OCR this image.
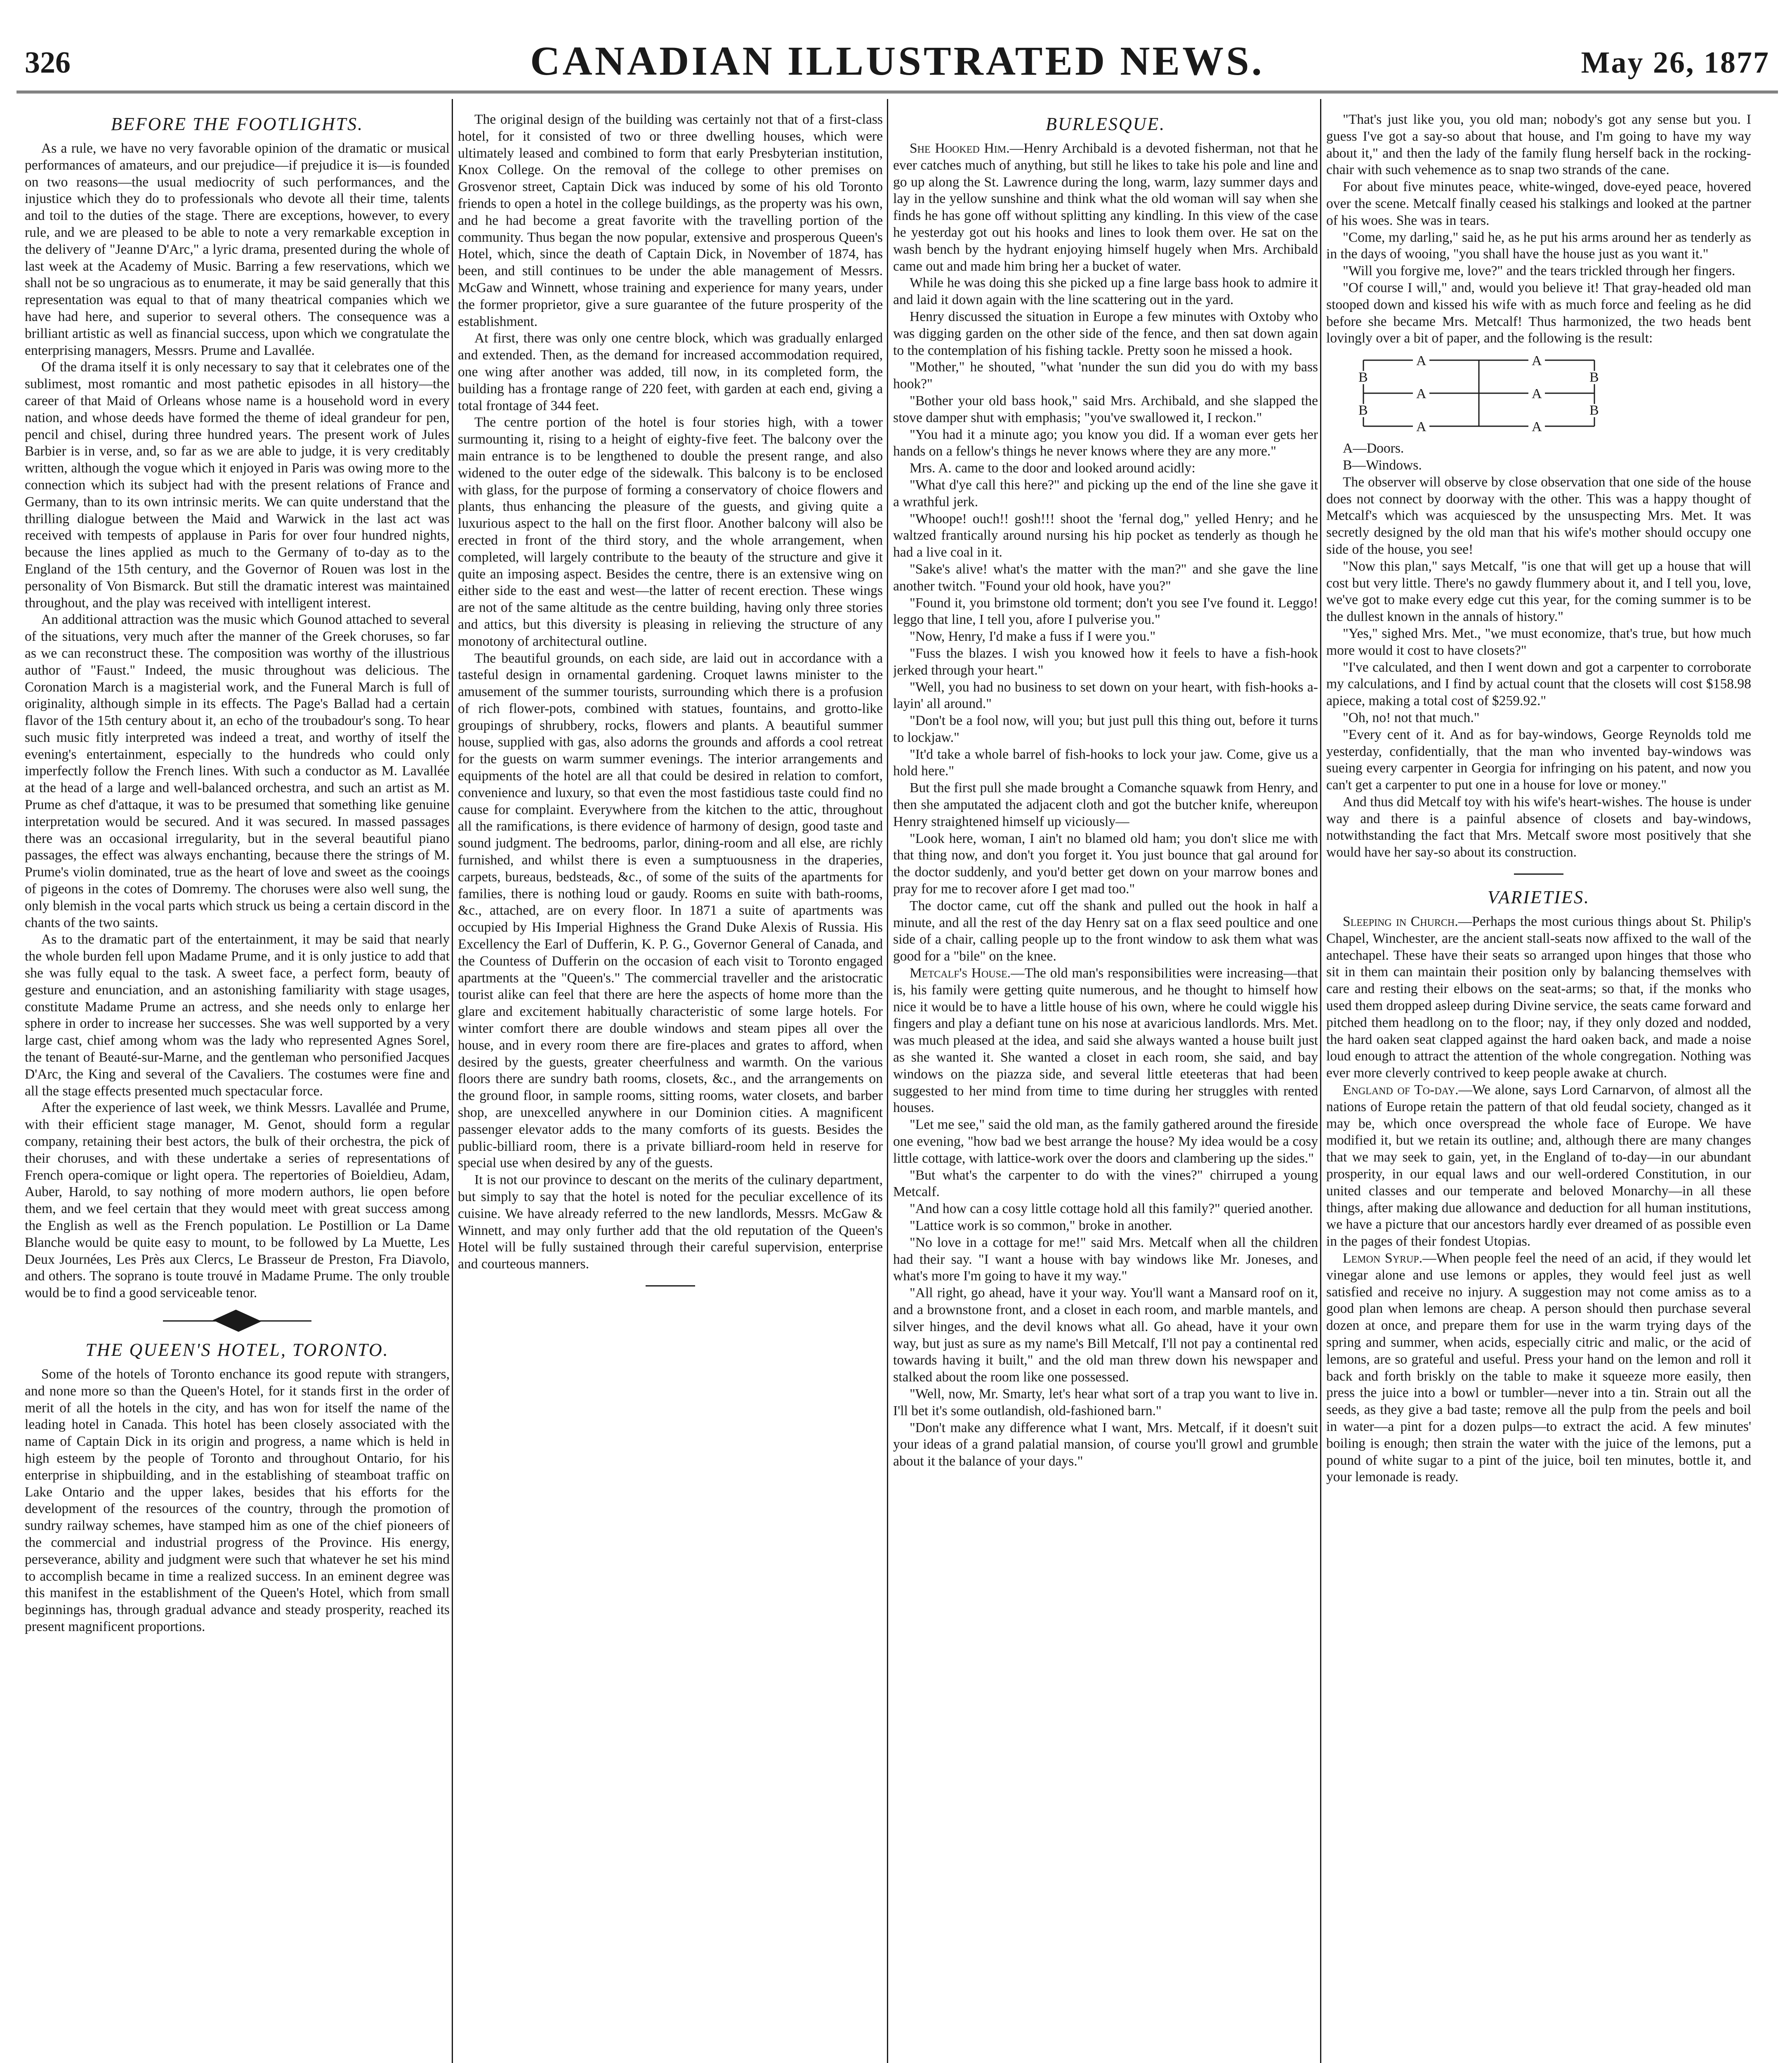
326	CANADIAN ILLUSTRATED NEWS.	May 26, 1877
BEFORE THE FOOTLIGHTS.

As a rule, we have no very favorable opinion of the dramatic or musical performances of amateurs, and our prejudice—if prejudice it is—is founded on two reasons—the usual mediocrity of such performances, and the injustice which they do to professionals who devote all their time, talents and toil to the duties of the stage. There are exceptions, however, to every rule, and we are pleased to be able to note a very remarkable exception in the delivery of "Jeanne D'Arc," a lyric drama, presented during the whole of last week at the Academy of Music. Barring a few reservations, which we shall not be so ungracious as to enumerate, it may be said generally that this representation was equal to that of many theatrical companies which we have had here, and superior to several others. The consequence was a brilliant artistic as well as financial success, upon which we congratulate the enterprising managers, Messrs. Prume and Lavallée.

Of the drama itself it is only necessary to say that it celebrates one of the sublimest, most romantic and most pathetic episodes in all history—the career of that Maid of Orleans whose name is a household word in every nation, and whose deeds have formed the theme of ideal grandeur for pen, pencil and chisel, during three hundred years. The present work of Jules Barbier is in verse, and, so far as we are able to judge, it is very creditably written, although the vogue which it enjoyed in Paris was owing more to the connection which its subject had with the present relations of France and Germany, than to its own intrinsic merits. We can quite understand that the thrilling dialogue between the Maid and Warwick in the last act was received with tempests of applause in Paris for over four hundred nights, because the lines applied as much to the Germany of to-day as to the England of the 15th century, and the Governor of Rouen was lost in the personality of Von Bismarck. But still the dramatic interest was maintained throughout, and the play was received with intelligent interest.

An additional attraction was the music which Gounod attached to several of the situations, very much after the manner of the Greek choruses, so far as we can reconstruct these. The composition was worthy of the illustrious author of "Faust." Indeed, the music throughout was delicious. The Coronation March is a magisterial work, and the Funeral March is full of originality, although simple in its effects. The Page's Ballad had a certain flavor of the 15th century about it, an echo of the troubadour's song. To hear such music fitly interpreted was indeed a treat, and worthy of itself the evening's entertainment, especially to the hundreds who could only imperfectly follow the French lines. With such a conductor as M. Lavallée at the head of a large and well-balanced orchestra, and such an artist as M. Prume as chef d'attaque, it was to be presumed that something like genuine interpretation would be secured. And it was secured. In massed passages there was an occasional irregularity, but in the several beautiful piano passages, the effect was always enchanting, because there the strings of M. Prume's violin dominated, true as the heart of love and sweet as the cooings of pigeons in the cotes of Domremy. The choruses were also well sung, the only blemish in the vocal parts which struck us being a certain discord in the chants of the two saints.

As to the dramatic part of the entertainment, it may be said that nearly the whole burden fell upon Madame Prume, and it is only justice to add that she was fully equal to the task. A sweet face, a perfect form, beauty of gesture and enunciation, and an astonishing familiarity with stage usages, constitute Madame Prume an actress, and she needs only to enlarge her sphere in order to increase her successes. She was well supported by a very large cast, chief among whom was the lady who represented Agnes Sorel, the tenant of Beauté-sur-Marne, and the gentleman who personified Jacques D'Arc, the King and several of the Cavaliers. The costumes were fine and all the stage effects presented much spectacular force.

After the experience of last week, we think Messrs. Lavallée and Prume, with their efficient stage manager, M. Genot, should form a regular company, retaining their best actors, the bulk of their orchestra, the pick of their choruses, and with these undertake a series of representations of French opera-comique or light opera. The repertories of Boieldieu, Adam, Auber, Harold, to say nothing of more modern authors, lie open before them, and we feel certain that they would meet with great success among the English as well as the French population. Le Postillion or La Dame Blanche would be quite easy to mount, to be followed by La Muette, Les Deux Journées, Les Près aux Clercs, Le Brasseur de Preston, Fra Diavolo, and others. The soprano is toute trouvé in Madame Prume. The only trouble would be to find a good serviceable tenor.

THE QUEEN'S HOTEL, TORONTO.

Some of the hotels of Toronto enchance its good repute with strangers, and none more so than the Queen's Hotel, for it stands first in the order of merit of all the hotels in the city, and has won for itself the name of the leading hotel in Canada. This hotel has been closely associated with the name of Captain Dick in its origin and progress, a name which is held in high esteem by the people of Toronto and throughout Ontario, for his enterprise in shipbuilding, and in the establishing of steamboat traffic on Lake Ontario and the upper lakes, besides that his efforts for the development of the resources of the country, through the promotion of sundry railway schemes, have stamped him as one of the chief pioneers of the commercial and industrial progress of the Province. His energy, perseverance, ability and judgment were such that whatever he set his mind to accomplish became in time a realized success. In an eminent degree was this manifest in the establishment of the Queen's Hotel, which from small beginnings has, through gradual advance and steady prosperity, reached its present magnificent proportions.

The original design of the building was certainly not that of a first-class hotel, for it consisted of two or three dwelling houses, which were ultimately leased and combined to form that early Presbyterian institution, Knox College. On the removal of the college to other premises on Grosvenor street, Captain Dick was induced by some of his old Toronto friends to open a hotel in the college buildings, as the property was his own, and he had become a great favorite with the travelling portion of the community. Thus began the now popular, extensive and prosperous Queen's Hotel, which, since the death of Captain Dick, in November of 1874, has been, and still continues to be under the able management of Messrs. McGaw and Winnett, whose training and experience for many years, under the former proprietor, give a sure guarantee of the future prosperity of the establishment.

At first, there was only one centre block, which was gradually enlarged and extended. Then, as the demand for increased accommodation required, one wing after another was added, till now, in its completed form, the building has a frontage range of 220 feet, with garden at each end, giving a total frontage of 344 feet.

The centre portion of the hotel is four stories high, with a tower surmounting it, rising to a height of eighty-five feet. The balcony over the main entrance is to be lengthened to double the present range, and also widened to the outer edge of the sidewalk. This balcony is to be enclosed with glass, for the purpose of forming a conservatory of choice flowers and plants, thus enhancing the pleasure of the guests, and giving quite a luxurious aspect to the hall on the first floor. Another balcony will also be erected in front of the third story, and the whole arrangement, when completed, will largely contribute to the beauty of the structure and give it quite an imposing aspect. Besides the centre, there is an extensive wing on either side to the east and west—the latter of recent erection. These wings are not of the same altitude as the centre building, having only three stories and attics, but this diversity is pleasing in relieving the structure of any monotony of architectural outline.

The beautiful grounds, on each side, are laid out in accordance with a tasteful design in ornamental gardening. Croquet lawns minister to the amusement of the summer tourists, surrounding which there is a profusion of rich flower-pots, combined with statues, fountains, and grotto-like groupings of shrubbery, rocks, flowers and plants. A beautiful summer house, supplied with gas, also adorns the grounds and affords a cool retreat for the guests on warm summer evenings. The interior arrangements and equipments of the hotel are all that could be desired in relation to comfort, convenience and luxury, so that even the most fastidious taste could find no cause for complaint. Everywhere from the kitchen to the attic, throughout all the ramifications, is there evidence of harmony of design, good taste and sound judgment. The bedrooms, parlor, dining-room and all else, are richly furnished, and whilst there is even a sumptuousness in the draperies, carpets, bureaus, bedsteads, &c., of some of the suits of the apartments for families, there is nothing loud or gaudy. Rooms en suite with bath-rooms, &c., attached, are on every floor. In 1871 a suite of apartments was occupied by His Imperial Highness the Grand Duke Alexis of Russia. His Excellency the Earl of Dufferin, K. P. G., Governor General of Canada, and the Countess of Dufferin on the occasion of each visit to Toronto engaged apartments at the "Queen's." The commercial traveller and the aristocratic tourist alike can feel that there are here the aspects of home more than the glare and excitement habitually characteristic of some large hotels. For winter comfort there are double windows and steam pipes all over the house, and in every room there are fire-places and grates to afford, when desired by the guests, greater cheerfulness and warmth. On the various floors there are sundry bath rooms, closets, &c., and the arrangements on the ground floor, in sample rooms, sitting rooms, water closets, and barber shop, are unexcelled anywhere in our Dominion cities. A magnificent passenger elevator adds to the many comforts of its guests. Besides the public-billiard room, there is a private billiard-room held in reserve for special use when desired by any of the guests.

It is not our province to descant on the merits of the culinary department, but simply to say that the hotel is noted for the peculiar excellence of its cuisine. We have already referred to the new landlords, Messrs. McGaw & Winnett, and may only further add that the old reputation of the Queen's Hotel will be fully sustained through their careful supervision, enterprise and courteous manners.

BURLESQUE.

She Hooked Him.—Henry Archibald is a devoted fisherman, not that he ever catches much of anything, but still he likes to take his pole and line and go up along the St. Lawrence during the long, warm, lazy summer days and lay in the yellow sunshine and think what the old woman will say when she finds he has gone off without splitting any kindling. In this view of the case he yesterday got out his hooks and lines to look them over. He sat on the wash bench by the hydrant enjoying himself hugely when Mrs. Archibald came out and made him bring her a bucket of water.

While he was doing this she picked up a fine large bass hook to admire it and laid it down again with the line scattering out in the yard.

Henry discussed the situation in Europe a few minutes with Oxtoby who was digging garden on the other side of the fence, and then sat down again to the contemplation of his fishing tackle. Pretty soon he missed a hook.

"Mother," he shouted, "what 'nunder the sun did you do with my bass hook?"

"Bother your old bass hook," said Mrs. Archibald, and she slapped the stove damper shut with emphasis; "you've swallowed it, I reckon."

"You had it a minute ago; you know you did. If a woman ever gets her hands on a fellow's things he never knows where they are any more."

Mrs. A. came to the door and looked around acidly:

"What d'ye call this here?" and picking up the end of the line she gave it a wrathful jerk.

"Whoope! ouch!! gosh!!! shoot the 'fernal dog," yelled Henry; and he waltzed frantically around nursing his hip pocket as tenderly as though he had a live coal in it.

"Sake's alive! what's the matter with the man?" and she gave the line another twitch. "Found your old hook, have you?"

"Found it, you brimstone old torment; don't you see I've found it. Leggo! leggo that line, I tell you, afore I pulverise you."

"Now, Henry, I'd make a fuss if I were you."

"Fuss the blazes. I wish you knowed how it feels to have a fish-hook jerked through your heart."

"Well, you had no business to set down on your heart, with fish-hooks a-layin' all around."

"Don't be a fool now, will you; but just pull this thing out, before it turns to lockjaw."

"It'd take a whole barrel of fish-hooks to lock your jaw. Come, give us a hold here."

But the first pull she made brought a Comanche squawk from Henry, and then she amputated the adjacent cloth and got the butcher knife, whereupon Henry straightened himself up viciously—

"Look here, woman, I ain't no blamed old ham; you don't slice me with that thing now, and don't you forget it. You just bounce that gal around for the doctor suddenly, and you'd better get down on your marrow bones and pray for me to recover afore I get mad too."

The doctor came, cut off the shank and pulled out the hook in half a minute, and all the rest of the day Henry sat on a flax seed poultice and one side of a chair, calling people up to the front window to ask them what was good for a "bile" on the knee.

Metcalf's House.—The old man's responsibilities were increasing—that is, his family were getting quite numerous, and he thought to himself how nice it would be to have a little house of his own, where he could wiggle his fingers and play a defiant tune on his nose at avaricious landlords. Mrs. Met. was much pleased at the idea, and said she always wanted a house built just as she wanted it. She wanted a closet in each room, she said, and bay windows on the piazza side, and several little eteeteras that had been suggested to her mind from time to time during her struggles with rented houses.

"Let me see," said the old man, as the family gathered around the fireside one evening, "how bad we best arrange the house? My idea would be a cosy little cottage, with lattice-work over the doors and clambering up the sides."

"But what's the carpenter to do with the vines?" chirruped a young Metcalf.

"And how can a cosy little cottage hold all this family?" queried another.

"Lattice work is so common," broke in another.

"No love in a cottage for me!" said Mrs. Metcalf when all the children had their say. "I want a house with bay windows like Mr. Joneses, and what's more I'm going to have it my way."

"All right, go ahead, have it your way. You'll want a Mansard roof on it, and a brownstone front, and a closet in each room, and marble mantels, and silver hinges, and the devil knows what all. Go ahead, have it your own way, but just as sure as my name's Bill Metcalf, I'll not pay a continental red towards having it built," and the old man threw down his newspaper and stalked about the room like one possessed.

"Well, now, Mr. Smarty, let's hear what sort of a trap you want to live in. I'll bet it's some outlandish, old-fashioned barn."

"Don't make any difference what I want, Mrs. Metcalf, if it doesn't suit your ideas of a grand palatial mansion, of course you'll growl and grumble about it the balance of your days."

"That's just like you, you old man; nobody's got any sense but you. I guess I've got a say-so about that house, and I'm going to have my way about it," and then the lady of the family flung herself back in the rocking-chair with such vehemence as to snap two strands of the cane.

For about five minutes peace, white-winged, dove-eyed peace, hovered over the scene. Metcalf finally ceased his stalkings and looked at the partner of his woes. She was in tears.

"Come, my darling," said he, as he put his arms around her as tenderly as in the days of wooing, "you shall have the house just as you want it."

"Will you forgive me, love?" and the tears trickled through her fingers.

"Of course I will," and, would you believe it! That gray-headed old man stooped down and kissed his wife with as much force and feeling as he did before she became Mrs. Metcalf! Thus harmonized, the two heads bent lovingly over a bit of paper, and the following is the result:

A	A
A	A
A	A
B
B
B
B

A—Doors.

B—Windows.

The observer will observe by close observation that one side of the house does not connect by doorway with the other. This was a happy thought of Metcalf's which was acquiesced by the unsuspecting Mrs. Met. It was secretly designed by the old man that his wife's mother should occupy one side of the house, you see!

"Now this plan," says Metcalf, "is one that will get up a house that will cost but very little. There's no gawdy flummery about it, and I tell you, love, we've got to make every edge cut this year, for the coming summer is to be the dullest known in the annals of history."

"Yes," sighed Mrs. Met., "we must economize, that's true, but how much more would it cost to have closets?"

"I've calculated, and then I went down and got a carpenter to corroborate my calculations, and I find by actual count that the closets will cost $158.98 apiece, making a total cost of $259.92."

"Oh, no! not that much."

"Every cent of it. And as for bay-windows, George Reynolds told me yesterday, confidentially, that the man who invented bay-windows was sueing every carpenter in Georgia for infringing on his patent, and now you can't get a carpenter to put one in a house for love or money."

And thus did Metcalf toy with his wife's heart-wishes. The house is under way and there is a painful absence of closets and bay-windows, notwithstanding the fact that Mrs. Metcalf swore most positively that she would have her say-so about its construction.

VARIETIES.

Sleeping in Church.—Perhaps the most curious things about St. Philip's Chapel, Winchester, are the ancient stall-seats now affixed to the wall of the antechapel. These have their seats so arranged upon hinges that those who sit in them can maintain their position only by balancing themselves with care and resting their elbows on the seat-arms; so that, if the monks who used them dropped asleep during Divine service, the seats came forward and pitched them headlong on to the floor; nay, if they only dozed and nodded, the hard oaken seat clapped against the hard oaken back, and made a noise loud enough to attract the attention of the whole congregation. Nothing was ever more cleverly contrived to keep people awake at church.

England of To-day.—We alone, says Lord Carnarvon, of almost all the nations of Europe retain the pattern of that old feudal society, changed as it may be, which once overspread the whole face of Europe. We have modified it, but we retain its outline; and, although there are many changes that we may seek to gain, yet, in the England of to-day—in our abundant prosperity, in our equal laws and our well-ordered Constitution, in our united classes and our temperate and beloved Monarchy—in all these things, after making due allowance and deduction for all human institutions, we have a picture that our ancestors hardly ever dreamed of as possible even in the pages of their fondest Utopias.

Lemon Syrup.—When people feel the need of an acid, if they would let vinegar alone and use lemons or apples, they would feel just as well satisfied and receive no injury. A suggestion may not come amiss as to a good plan when lemons are cheap. A person should then purchase several dozen at once, and prepare them for use in the warm trying days of the spring and summer, when acids, especially citric and malic, or the acid of lemons, are so grateful and useful. Press your hand on the lemon and roll it back and forth briskly on the table to make it squeeze more easily, then press the juice into a bowl or tumbler—never into a tin. Strain out all the seeds, as they give a bad taste; remove all the pulp from the peels and boil in water—a pint for a dozen pulps—to extract the acid. A few minutes' boiling is enough; then strain the water with the juice of the lemons, put a pound of white sugar to a pint of the juice, boil ten minutes, bottle it, and your lemonade is ready.
